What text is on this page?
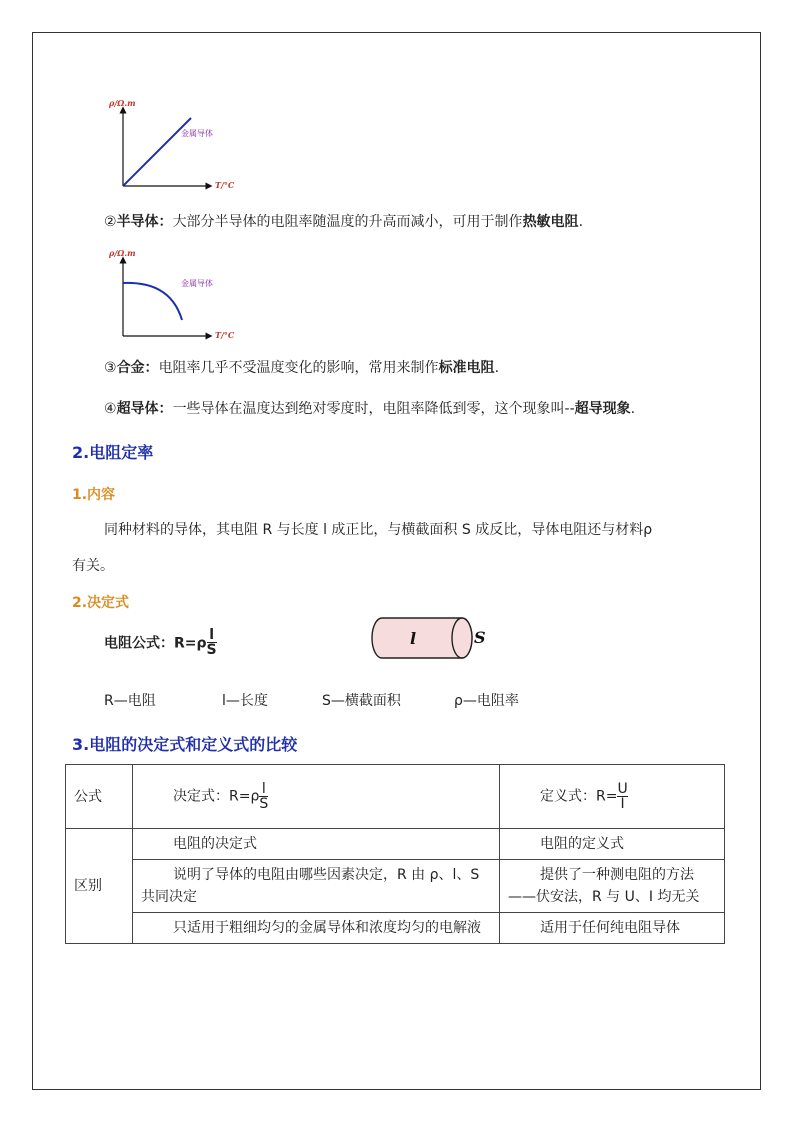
ρ/Ω.m
T/°C
金属导体
②半导体：大部分半导体的电阻率随温度的升高而减小，可用于制作热敏电阻.
ρ/Ω.m
T/°C
金属导体
③合金：电阻率几乎不受温度变化的影响，常用来制作标准电阻.
④超导体：一些导体在温度达到绝对零度时，电阻率降低到零，这个现象叫--超导现象.
2.电阻定率
1.内容
同种材料的导体，其电阻 R 与长度 l 成正比，与横截面积 S 成反比，导体电阻还与材料ρ
有关。
2.决定式
电阻公式：$R=\rho \frac{l}{S}$	l	S
R—电阻	l—长度	S—横截面积	ρ—电阻率
3.电阻的决定式和定义式的比较
公式	决定式：$R=\rho \frac{l}{S}$	定义式：$R= \frac{U}{I}$

区别	电阻的决定式	电阻的定义式
	说明了导体的电阻由哪些因素决定，R 由 ρ、l、S 共同决定	提供了一种测电阻的方法——伏安法，R 与 U、I 均无关
	只适用于粗细均匀的金属导体和浓度均匀的电解液	适用于任何纯电阻导体
